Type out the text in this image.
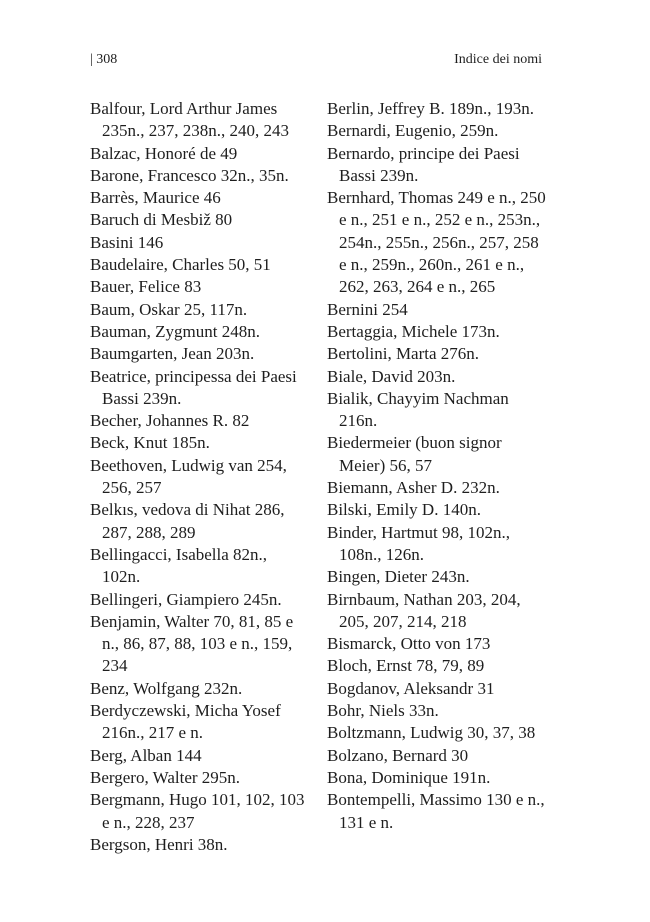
| 308	Indice dei nomi

Balfour, Lord Arthur James 235n., 237, 238n., 240, 243

Balzac, Honoré de 49

Barone, Francesco 32n., 35n.

Barrès, Maurice 46

Baruch di Mesbiž 80

Basini 146

Baudelaire, Charles 50, 51

Bauer, Felice 83

Baum, Oskar 25, 117n.

Bauman, Zygmunt 248n.

Baumgarten, Jean 203n.

Beatrice, principessa dei Paesi Bassi 239n.

Becher, Johannes R. 82

Beck, Knut 185n.

Beethoven, Ludwig van 254, 256, 257

Belkıs, vedova di Nihat 286, 287, 288, 289

Bellingacci, Isabella 82n., 102n.

Bellingeri, Giampiero 245n.

Benjamin, Walter 70, 81, 85 e n., 86, 87, 88, 103 e n., 159, 234

Benz, Wolfgang 232n.

Berdyczewski, Micha Yosef 216n., 217 e n.

Berg, Alban 144

Bergero, Walter 295n.

Bergmann, Hugo 101, 102, 103 e n., 228, 237

Bergson, Henri 38n.

Berlin, Jeffrey B. 189n., 193n.

Bernardi, Eugenio, 259n.

Bernardo, principe dei Paesi Bassi 239n.

Bernhard, Thomas 249 e n., 250 e n., 251 e n., 252 e n., 253n., 254n., 255n., 256n., 257, 258 e n., 259n., 260n., 261 e n., 262, 263, 264 e n., 265

Bernini 254

Bertaggia, Michele 173n.

Bertolini, Marta 276n.

Biale, David 203n.

Bialik, Chayyim Nachman 216n.

Biedermeier (buon signor Meier) 56, 57

Biemann, Asher D. 232n.

Bilski, Emily D. 140n.

Binder, Hartmut 98, 102n., 108n., 126n.

Bingen, Dieter 243n.

Birnbaum, Nathan 203, 204, 205, 207, 214, 218

Bismarck, Otto von 173

Bloch, Ernst 78, 79, 89

Bogdanov, Aleksandr 31

Bohr, Niels 33n.

Boltzmann, Ludwig 30, 37, 38

Bolzano, Bernard 30

Bona, Dominique 191n.

Bontempelli, Massimo 130 e n., 131 e n.
